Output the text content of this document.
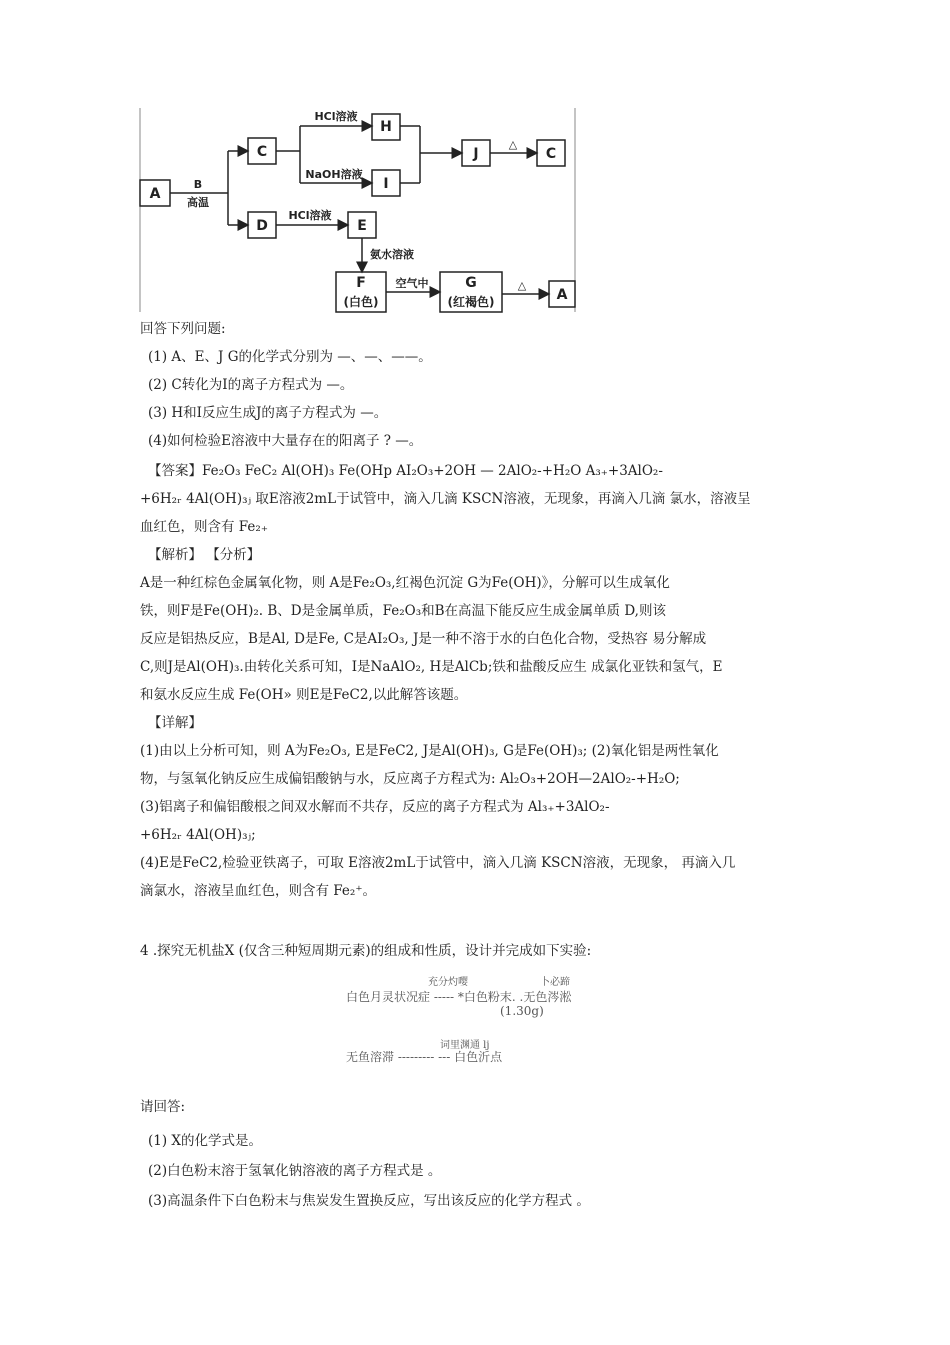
A
C
D
H
I
J	C
E
F
(白色)
G
(红褐色)	A
B
高温
HCl溶液
NaOH溶液
△
HCl溶液
氨水溶液
空气中	△
回答下列问题:
(1) A、E、J G的化学式分别为 —、—、——。
(2) C转化为I的离子方程式为 —。
(3) H和I反应生成J的离子方程式为 —。
(4)如何检验E溶液中大量存在的阳离子 ? —。
【答案】Fe₂O₃ FeC₂ Al(OH)₃ Fe(OHp AI₂O₃+2OH — 2AlO₂-+H₂O A₃₊+3AlO₂-
+6H₂ᵣ 4Al(OH)₃ⱼ 取E溶液2mL于试管中，滴入几滴 KSCN溶液，无现象，再滴入几滴 氯水，溶液呈
血红色，则含有 Fe₂₊
【解析】 【分析】
A是一种红棕色金属氧化物，则 A是Fe₂O₃,红褐色沉淀 G为Fe(OH)》，分解可以生成氧化
铁，则F是Fe(OH)₂. B、D是金属单质，Fe₂O₃和B在高温下能反应生成金属单质 D,则该
反应是铝热反应，B是Al, D是Fe, C是AI₂O₃, J是一种不溶于水的白色化合物，受热容 易分解成
C,则J是Al(OH)₃.由转化关系可知，I是NaAlO₂, H是AlCb;铁和盐酸反应生 成氯化亚铁和氢气，E
和氨水反应生成 Fe(OH» 则E是FeC2,以此解答该题。
【详解】
(1)由以上分析可知，则 A为Fe₂O₃, E是FeC2, J是Al(OH)₃, G是Fe(OH)₃; (2)氧化铝是两性氧化
物，与氢氧化钠反应生成偏铝酸钠与水，反应离子方程式为: Al₂O₃+2OH—2AlO₂-+H₂O;
(3)铝离子和偏铝酸根之间双水解而不共存，反应的离子方程式为 Al₃₊+3AlO₂-
+6H₂ᵣ 4Al(OH)₃ⱼ;
(4)E是FeC2,检验亚铁离子，可取 E溶液2mL于试管中，滴入几滴 KSCN溶液，无现象， 再滴入几
滴氯水，溶液呈血红色，则含有 Fe₂⁺。
4 .探究无机盐X (仅含三种短周期元素)的组成和性质，设计并完成如下实验:
充分灼嘤	卜必蹄
白色月灵状况症 ----- *白色粉末. .无色涔淞
(1.30g)
词里渊通 lj
无鱼溶滞 --------- --- 白色沂点
请回答:
(1) X的化学式是。
(2)白色粉末溶于氢氧化钠溶液的离子方程式是 。
(3)高温条件下白色粉末与焦炭发生置换反应，写出该反应的化学方程式 。
